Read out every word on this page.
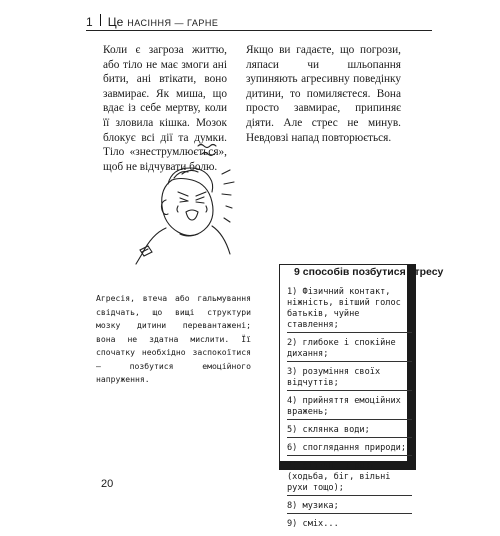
1 Це НАСІННЯ — ГАРНЕ

Коли є загроза життю, або тіло не має змоги ані бити, ані втікати, воно завмирає. Як миша, що вдає із себе мертву, коли її зловила кішка. Мозок блокує всі дії та думки. Тіло «знеструмлюється», щоб не відчувати болю.

Якщо ви гадаєте, що погрози, ляпаси чи шльопання зупиняють агресивну поведінку дитини, то помиляєтеся. Вона просто завмирає, припиняє діяти. Але стрес не минув. Невдовзі напад повторюється.

Агресія, втеча або гальмування свідчать, що вищі структури мозку дитини перевантажені; вона не здатна мислити. Її спочатку необхідно заспокоїтися — позбутися емоційного напруження.

9 способів позбутися стресу
1) Фізичний контакт, ніжність, вітший голос батьків, чуйне ставлення;
2) глибоке і спокійне дихання;
3) розуміння своїх відчуттів;
4) прийняття емоційних вражень;
5) склянка води;
6) споглядання природи;
7) фізичні вправи (ходьба, біг, вільні рухи тощо);
8) музика;
9) сміх...
20
